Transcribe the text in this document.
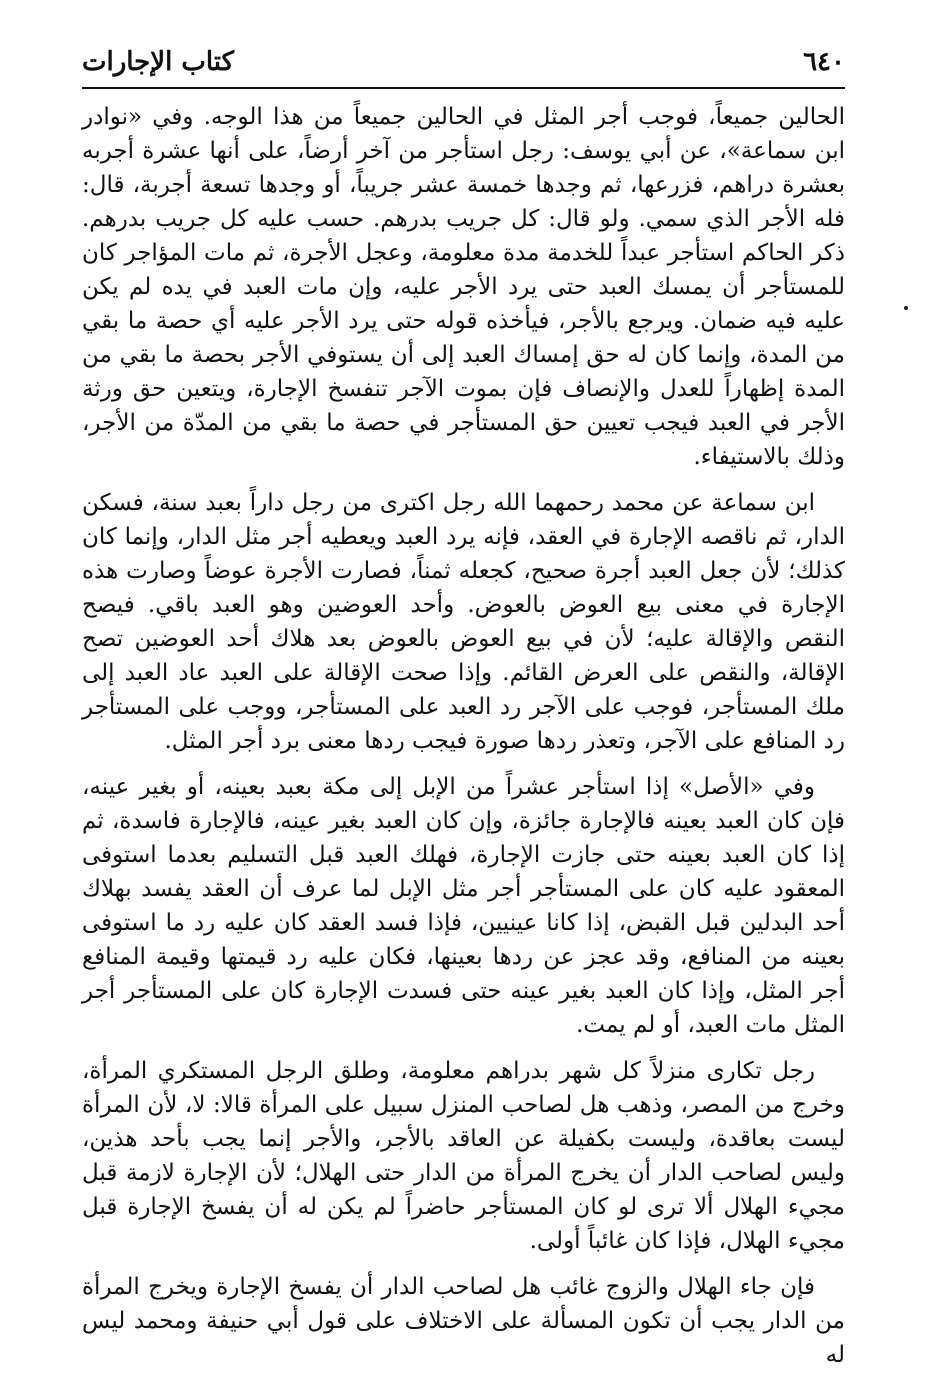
٦٤٠
كتاب الإجارات

الحالين جميعاً، فوجب أجر المثل في الحالين جميعاً من هذا الوجه. وفي «نوادر ابن سماعة»، عن أبي يوسف: رجل استأجر من آخر أرضاً، على أنها عشرة أجربه بعشرة دراهم، فزرعها، ثم وجدها خمسة عشر جريباً، أو وجدها تسعة أجربة، قال: فله الأجر الذي سمي. ولو قال: كل جريب بدرهم. حسب عليه كل جريب بدرهم. ذكر الحاكم استأجر عبداً للخدمة مدة معلومة، وعجل الأجرة، ثم مات المؤاجر كان للمستأجر أن يمسك العبد حتى يرد الأجر عليه، وإن مات العبد في يده لم يكن عليه فيه ضمان. ويرجع بالأجر، فيأخذه قوله حتى يرد الأجر عليه أي حصة ما بقي من المدة، وإنما كان له حق إمساك العبد إلى أن يستوفي الأجر بحصة ما بقي من المدة إظهاراً للعدل والإنصاف فإن بموت الآجر تنفسخ الإجارة، ويتعين حق ورثة الأجر في العبد فيجب تعيين حق المستأجر في حصة ما بقي من المدّة من الأجر، وذلك بالاستيفاء.

ابن سماعة عن محمد رحمهما الله رجل اكترى من رجل داراً بعبد سنة، فسكن الدار، ثم ناقصه الإجارة في العقد، فإنه يرد العبد ويعطيه أجر مثل الدار، وإنما كان كذلك؛ لأن جعل العبد أجرة صحيح، كجعله ثمناً، فصارت الأجرة عوضاً وصارت هذه الإجارة في معنى بيع العوض بالعوض. وأحد العوضين وهو العبد باقي. فيصح النقص والإقالة عليه؛ لأن في بيع العوض بالعوض بعد هلاك أحد العوضين تصح الإقالة، والنقص على العرض القائم. وإذا صحت الإقالة على العبد عاد العبد إلى ملك المستأجر، فوجب على الآجر رد العبد على المستأجر، ووجب على المستأجر رد المنافع على الآجر، وتعذر ردها صورة فيجب ردها معنى برد أجر المثل.

وفي «الأصل» إذا استأجر عشراً من الإبل إلى مكة بعبد بعينه، أو بغير عينه، فإن كان العبد بعينه فالإجارة جائزة، وإن كان العبد بغير عينه، فالإجارة فاسدة، ثم إذا كان العبد بعينه حتى جازت الإجارة، فهلك العبد قبل التسليم بعدما استوفى المعقود عليه كان على المستأجر أجر مثل الإبل لما عرف أن العقد يفسد بهلاك أحد البدلين قبل القبض، إذا كانا عينيين، فإذا فسد العقد كان عليه رد ما استوفى بعينه من المنافع، وقد عجز عن ردها بعينها، فكان عليه رد قيمتها وقيمة المنافع أجر المثل، وإذا كان العبد بغير عينه حتى فسدت الإجارة كان على المستأجر أجر المثل مات العبد، أو لم يمت.

رجل تكارى منزلاً كل شهر بدراهم معلومة، وطلق الرجل المستكري المرأة، وخرج من المصر، وذهب هل لصاحب المنزل سبيل على المرأة قالا: لا، لأن المرأة ليست بعاقدة، وليست بكفيلة عن العاقد بالأجر، والأجر إنما يجب بأحد هذين، وليس لصاحب الدار أن يخرج المرأة من الدار حتى الهلال؛ لأن الإجارة لازمة قبل مجيء الهلال ألا ترى لو كان المستأجر حاضراً لم يكن له أن يفسخ الإجارة قبل مجيء الهلال، فإذا كان غائباً أولى.

فإن جاء الهلال والزوج غائب هل لصاحب الدار أن يفسخ الإجارة ويخرج المرأة من الدار يجب أن تكون المسألة على الاختلاف على قول أبي حنيفة ومحمد ليس له
